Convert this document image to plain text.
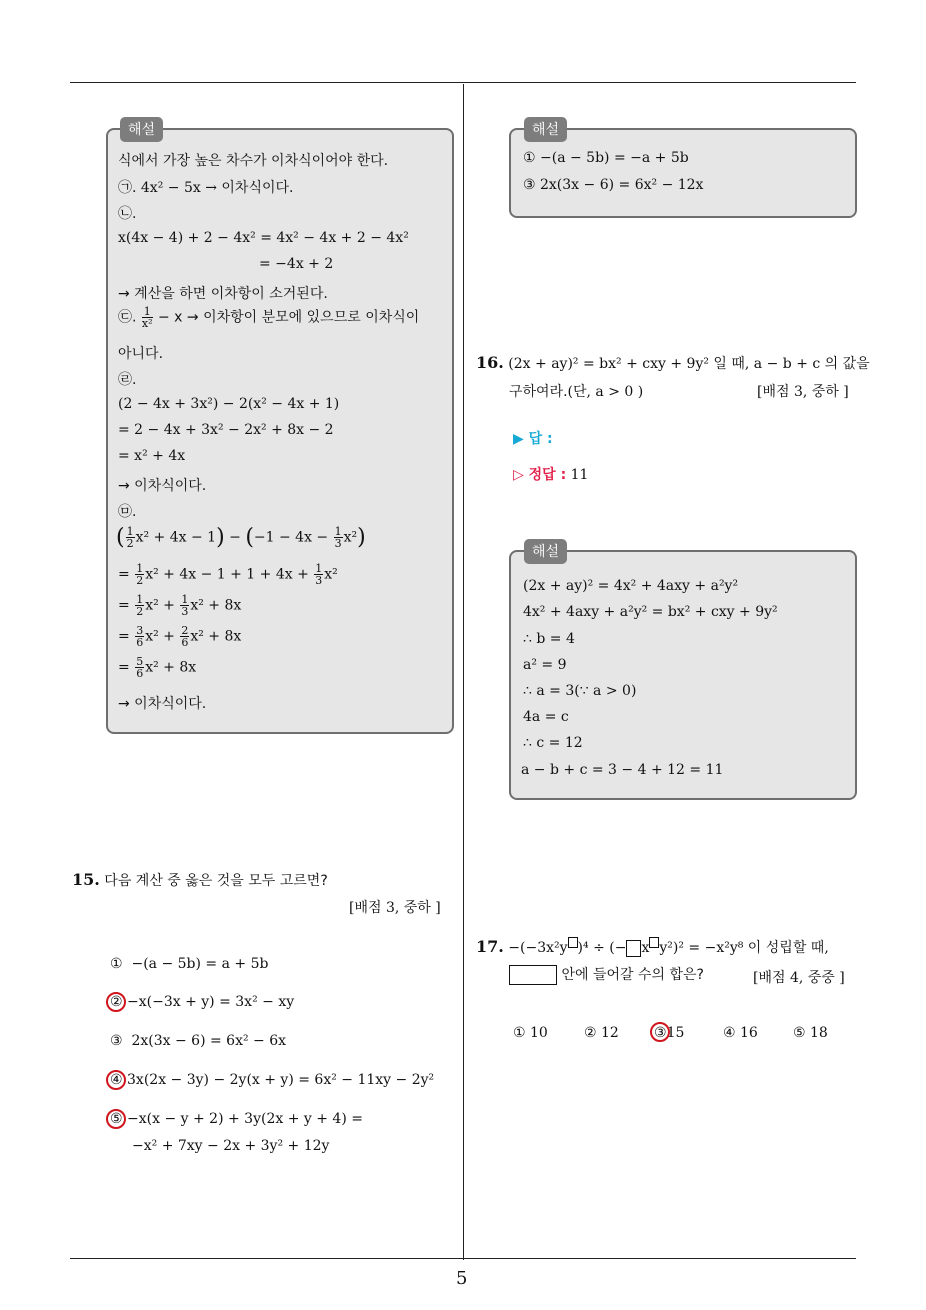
해설
식에서 가장 높은 차수가 이차식이어야 한다.
㉠. 4x² − 5x → 이차식이다.
㉡.
x(4x − 4) + 2 − 4x² = 4x² − 4x + 2 − 4x²
= −4x + 2
→ 계산을 하면 이차항이 소거된다.
㉢. $\frac{1}{\text{x²}} - x$ → 이차항이 분모에 있으므로 이차식이
아니다.
㉣.
(2 − 4x + 3x²) − 2(x² − 4x + 1)
= 2 − 4x + 3x² − 2x² + 8x − 2
= x² + 4x
→ 이차식이다.
㉤.
( $\frac{1}{2} x^2 + 4x - 1) - (-1 - 4x - \frac{1}{3} x^2)$
= $\frac{1}{2} x^2 + 4x - 1 + 1 + 4x + \frac{1}{3} x^2$
= $\frac{1}{2} x^2 + \frac{1}{3} x^2 + 8x$
= $\frac{3}{6} x^2 + \frac{2}{6} x^2 + 8x$
= $\frac{5}{6} x^2 + 8x$
→ 이차식이다.
15. 다음 계산 중 옳은 것을 모두 고르면?
[배점 3, 중하 ]
① −(a − 5b) = a + 5b
② −x(−3x + y) = 3x² − xy
③ 2x(3x − 6) = 6x² − 6x
④ 3x(2x − 3y) − 2y(x + y) = 6x² − 11xy − 2y²
⑤ −x(x − y + 2) + 3y(2x + y + 4) =
−x² + 7xy − 2x + 3y² + 12y
해설
① −(a − 5b) = −a + 5b
③ 2x(3x − 6) = 6x² − 12x
16. (2x + ay)² = bx² + cxy + 9y² 일 때, a − b + c 의 값을
구하여라.(단, a > 0 )	[배점 3, 중하 ]
▶ 답 :
▷ 정답 : 11
해설
(2x + ay)² = 4x² + 4axy + a²y²
4x² + 4axy + a²y² = bx² + cxy + 9y²
∴ b = 4
a² = 9
∴ a = 3(∵ a > 0)
4a = c
∴ c = 12
a − b + c = 3 − 4 + 12 = 11
17. −(−3x²y )⁴ ÷ (− x y²)² = −x²y⁸ 이 성립할 때,
안에 들어갈 수의 합은?	[배점 4, 중중 ]
① 10	② 12	③15	④ 16	⑤ 18
5
